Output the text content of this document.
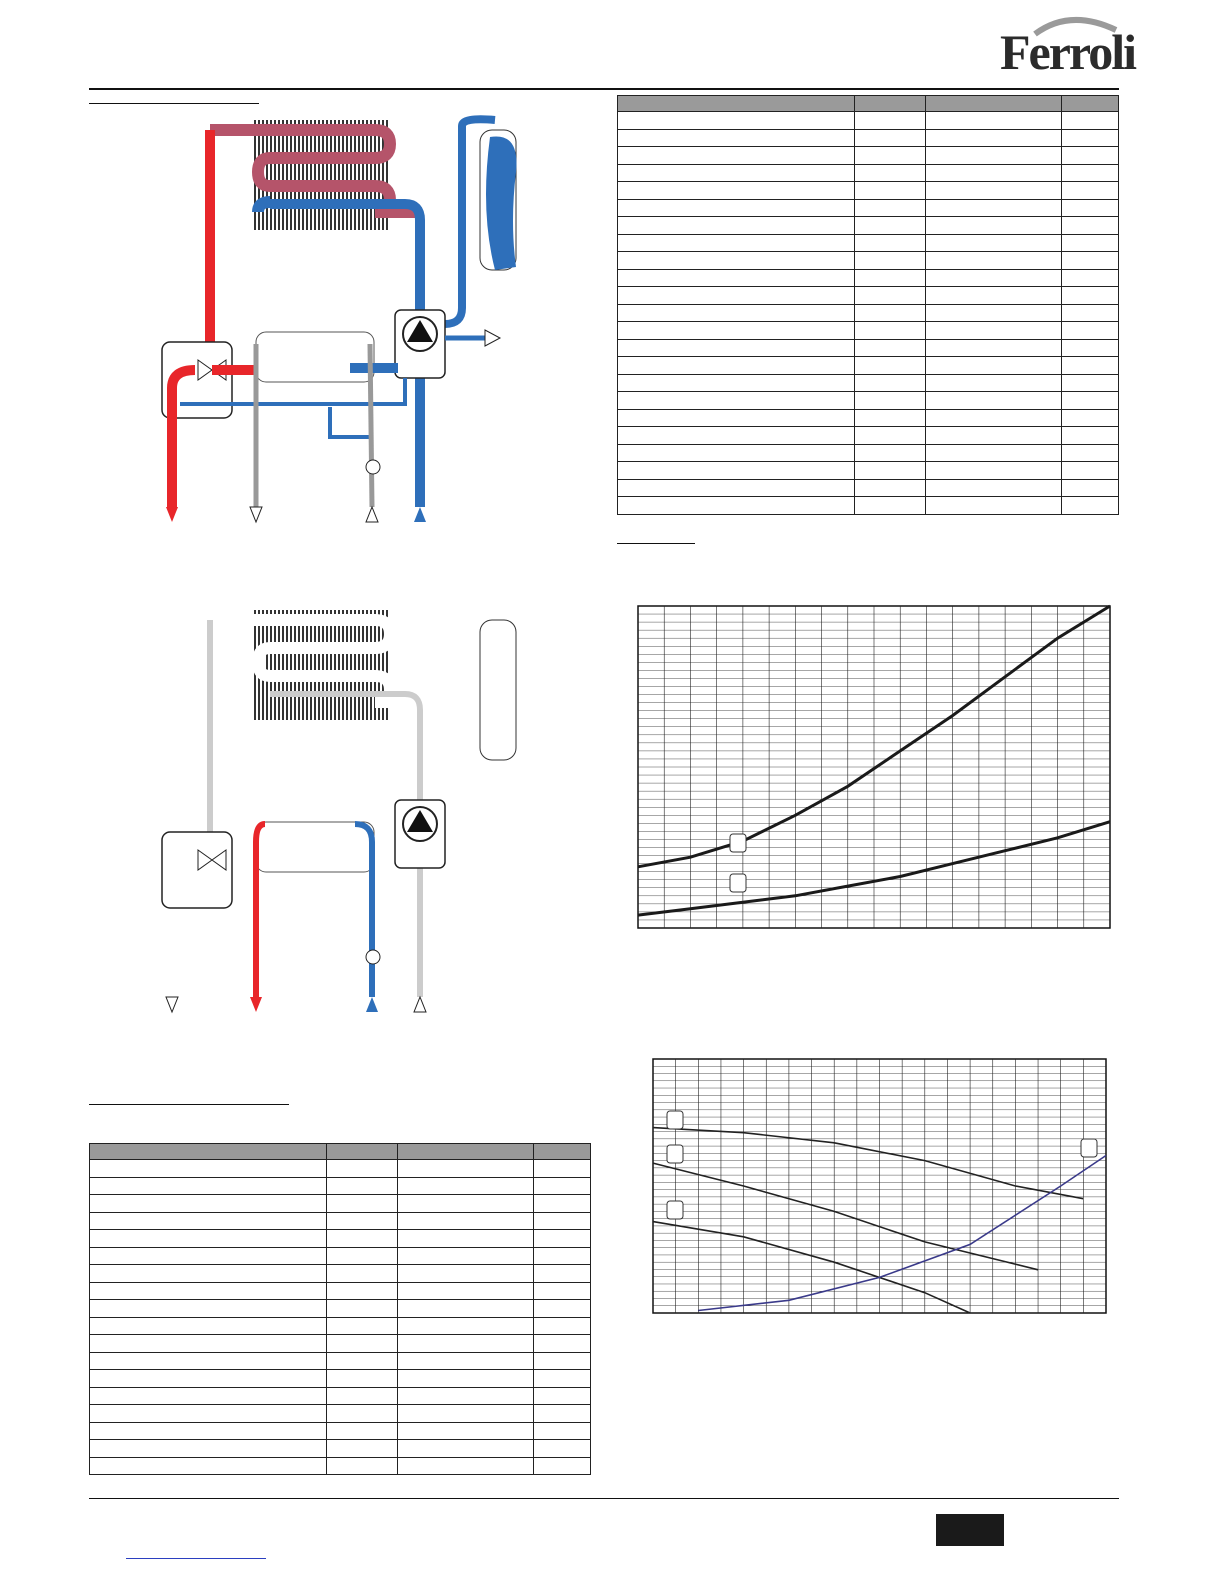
Ferroli
